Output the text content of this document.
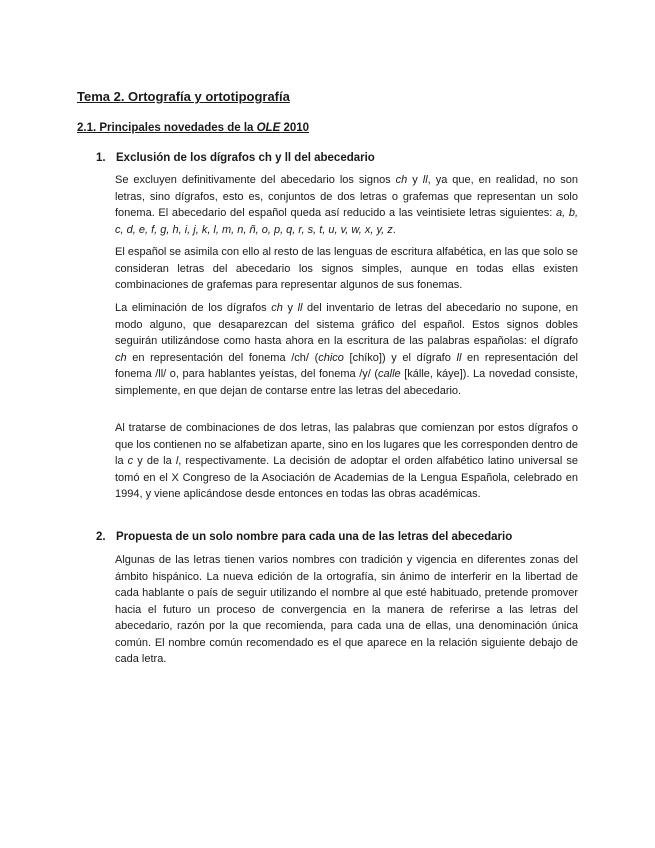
Tema 2. Ortografía y ortotipografía
2.1. Principales novedades de la OLE 2010
1. Exclusión de los dígrafos ch y ll del abecedario

Se excluyen definitivamente del abecedario los signos ch y ll, ya que, en realidad, no son letras, sino dígrafos, esto es, conjuntos de dos letras o grafemas que representan un solo fonema. El abecedario del español queda así reducido a las veintisiete letras siguientes: a, b, c, d, e, f, g, h, i, j, k, l, m, n, ñ, o, p, q, r, s, t, u, v, w, x, y, z.

El español se asimila con ello al resto de las lenguas de escritura alfabética, en las que solo se consideran letras del abecedario los signos simples, aunque en todas ellas existen combinaciones de grafemas para representar algunos de sus fonemas.

La eliminación de los dígrafos ch y ll del inventario de letras del abecedario no supone, en modo alguno, que desaparezcan del sistema gráfico del español. Estos signos dobles seguirán utilizándose como hasta ahora en la escritura de las palabras españolas: el dígrafo ch en representación del fonema /ch/ (chico [chíko]) y el dígrafo ll en representación del fonema /ll/ o, para hablantes yeístas, del fonema /y/ (calle [kálle, káye]). La novedad consiste, simplemente, en que dejan de contarse entre las letras del abecedario.

Al tratarse de combinaciones de dos letras, las palabras que comienzan por estos dígrafos o que los contienen no se alfabetizan aparte, sino en los lugares que les corresponden dentro de la c y de la l, respectivamente. La decisión de adoptar el orden alfabético latino universal se tomó en el X Congreso de la Asociación de Academias de la Lengua Española, celebrado en 1994, y viene aplicándose desde entonces en todas las obras académicas.

2. Propuesta de un solo nombre para cada una de las letras del abecedario

Algunas de las letras tienen varios nombres con tradición y vigencia en diferentes zonas del ámbito hispánico. La nueva edición de la ortografía, sin ánimo de interferir en la libertad de cada hablante o país de seguir utilizando el nombre al que esté habituado, pretende promover hacia el futuro un proceso de convergencia en la manera de referirse a las letras del abecedario, razón por la que recomienda, para cada una de ellas, una denominación única común. El nombre común recomendado es el que aparece en la relación siguiente debajo de cada letra.
